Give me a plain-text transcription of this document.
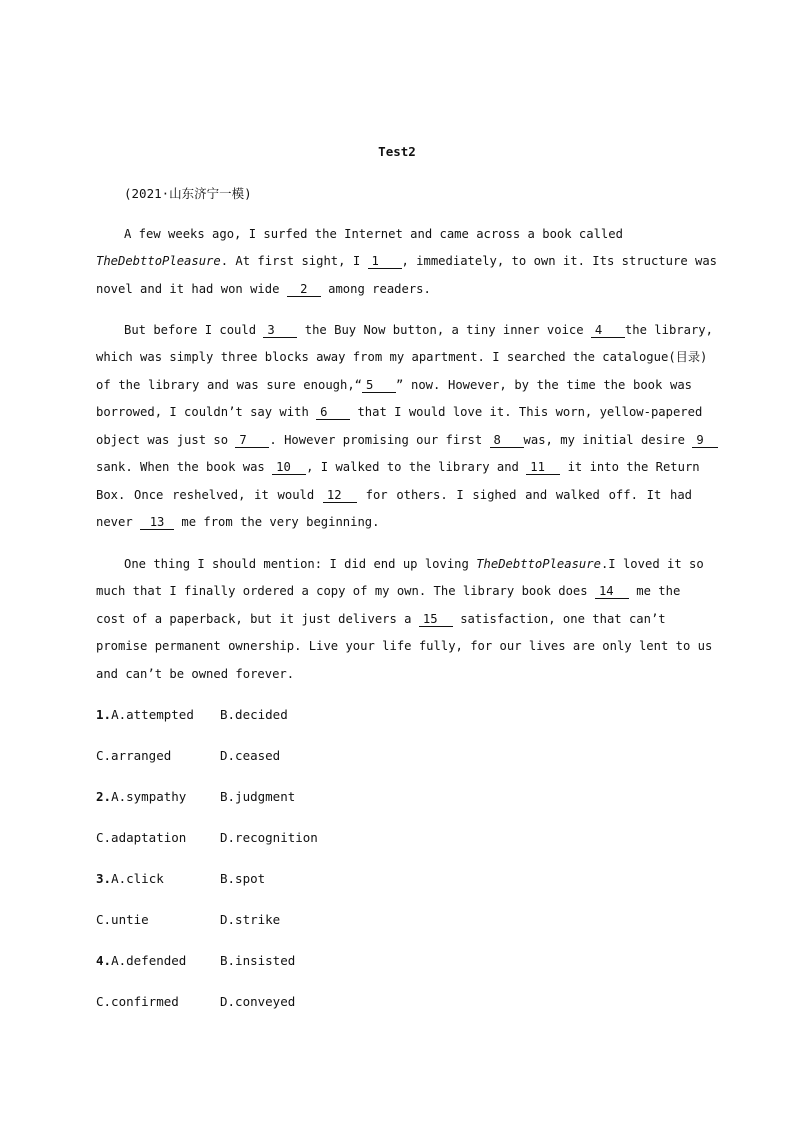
Test2
(2021·山东济宁一模)
A few weeks ago, I surfed the Internet and came across a book called
TheDebttoPleasure. At first sight, I 1 , immediately, to own it. Its structure was
novel and it had won wide 2 among readers.
But before I could 3 the Buy Now button, a tiny inner voice 4 the library,
which was simply three blocks away from my apartment. I searched the catalogue(目录)
of the library and was sure enough,“ 5 ” now. However, by the time the book was
borrowed, I couldn’t say with 6 that I would love it. This worn, yellow-papered
object was just so 7 . However promising our first 8 was, my initial desire 9
sank. When the book was 10 , I walked to the library and 11 it into the Return
Box. Once reshelved, it would 12 for others. I sighed and walked off. It had
never 13 me from the very beginning.
One thing I should mention: I did end up loving TheDebttoPleasure.I loved it so
much that I finally ordered a copy of my own. The library book does 14 me the
cost of a paperback, but it just delivers a 15 satisfaction, one that can’t
promise permanent ownership. Live your life fully, for our lives are only lent to us
and can’t be owned forever.
1.A.attempted B.decided
C.arranged	D.ceased
2.A.sympathy	B.judgment
C.adaptation	D.recognition
3.A.click	B.spot
C.untie	D.strike
4.A.defended	B.insisted
C.confirmed	D.conveyed
